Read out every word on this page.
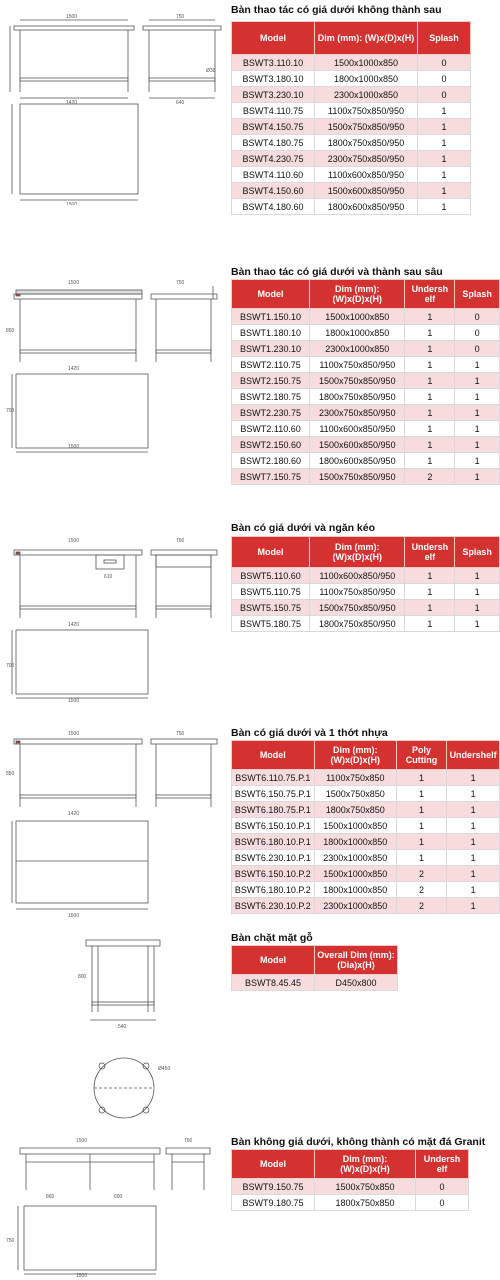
1500	750
1420	640
Ø38
1500
Bàn thao tác có giá dưới không thành sau
Model	Dim (mm): (W)x(D)x(H)	Splash
BSWT3.110.10	1500x1000x850	0
BSWT3.180.10	1800x1000x850	0
BSWT3.230.10	2300x1000x850	0
BSWT4.110.75	1100x750x850/950	1
BSWT4.150.75	1500x750x850/950	1
BSWT4.180.75	1800x750x850/950	1
BSWT4.230.75	2300x750x850/950	1
BSWT4.110.60	1100x600x850/950	1
BSWT4.150.60	1500x600x850/950	1
BSWT4.180.60	1800x600x850/950	1
1500	750
1420
850
700
1500
Bàn thao tác có giá dưới và thành sau sâu
Model	Dim (mm): (W)x(D)x(H)	Undersh elf	Splash
BSWT1.150.10	1500x1000x850	1	0
BSWT1.180.10	1800x1000x850	1	0
BSWT1.230.10	2300x1000x850	1	0
BSWT2.110.75	1100x750x850/950	1	1
BSWT2.150.75	1500x750x850/950	1	1
BSWT2.180.75	1800x750x850/950	1	1
BSWT2.230.75	2300x750x850/950	1	1
BSWT2.110.60	1100x600x850/950	1	1
BSWT2.150.60	1500x600x850/950	1	1
BSWT2.180.60	1800x600x850/950	1	1
BSWT7.150.75	1500x750x850/950	2	1
1500	750
610
1420
700
1500
Bàn có giá dưới và ngăn kéo
Model	Dim (mm): (W)x(D)x(H)	Undersh elf	Splash
BSWT5.110.60	1100x600x850/950	1	1
BSWT5.110.75	1100x750x850/950	1	1
BSWT5.150.75	1500x750x850/950	1	1
BSWT5.180.75	1800x750x850/950	1	1
1500	750
1420
850
1500
Bàn có giá dưới và 1 thớt nhựa
Model	Dim (mm): (W)x(D)x(H)	Poly Cutting	Undershelf
BSWT6.110.75.P.1	1100x750x850	1	1
BSWT6.150.75.P.1	1500x750x850	1	1
BSWT6.180.75.P.1	1800x750x850	1	1
BSWT6.150.10.P.1	1500x1000x850	1	1
BSWT6.180.10.P.1	1800x1000x850	1	1
BSWT6.230.10.P.1	2300x1000x850	1	1
BSWT6.150.10.P.2	1500x1000x850	2	1
BSWT6.180.10.P.2	1800x1000x850	2	1
BSWT6.230.10.P.2	2300x1000x850	2	1
800
540
Ø450
Bàn chặt mặt gỗ
Model	Overall Dim (mm): (Dia)x(H)
BSWT8.45.45	D450x800
1500	750
860	600
750
1500
Bàn không giá dưới, không thành có mặt đá Granit
Model	Dim (mm): (W)x(D)x(H)	Undersh elf
BSWT9.150.75	1500x750x850	0
BSWT9.180.75	1800x750x850	0
